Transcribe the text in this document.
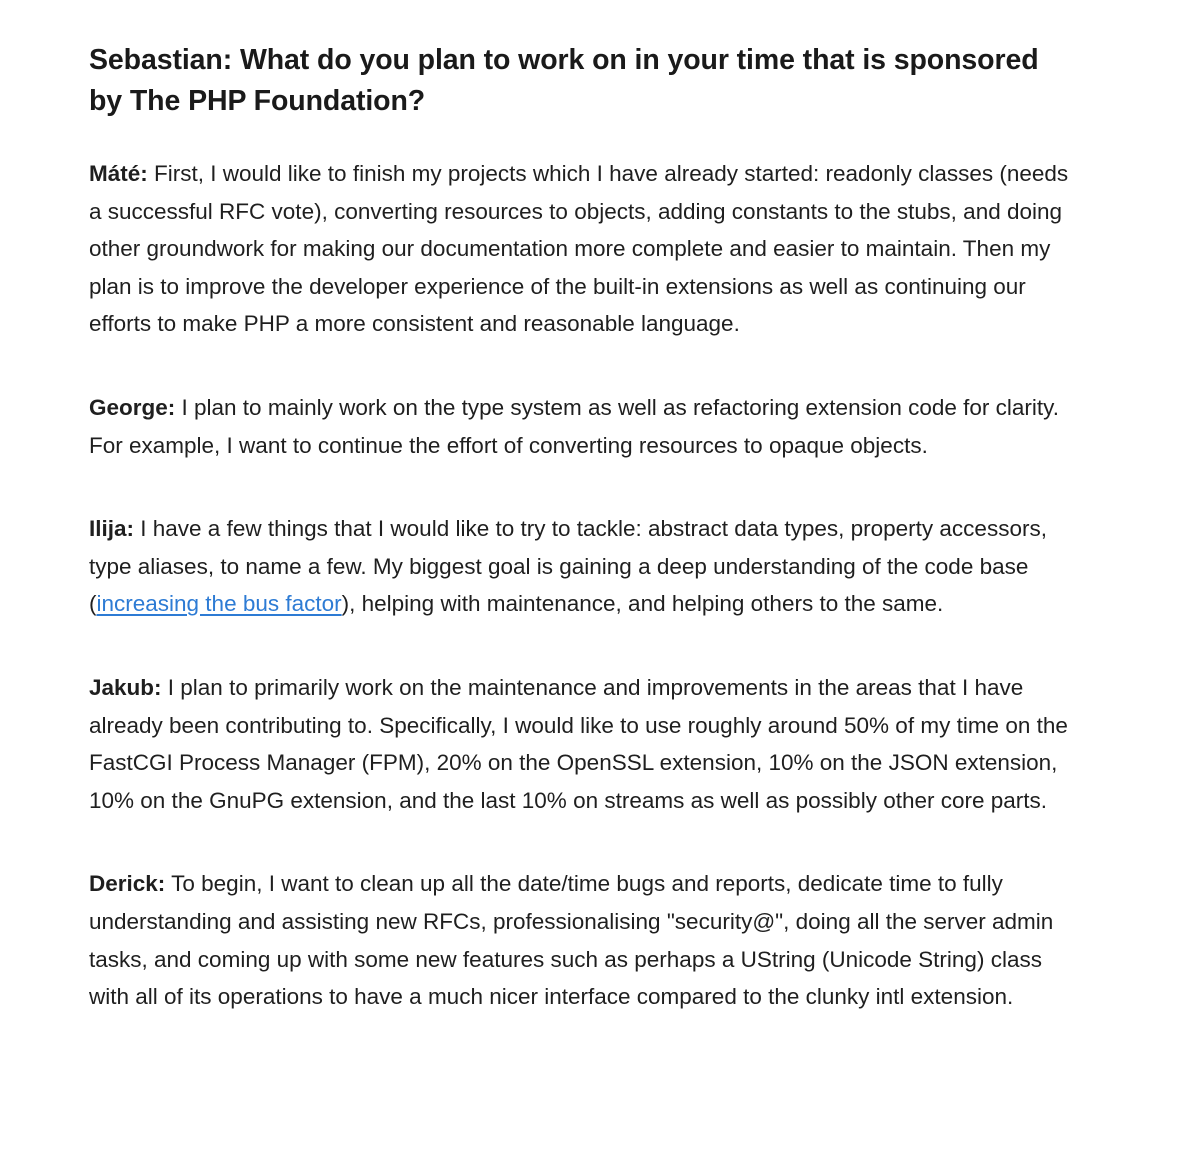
Sebastian: What do you plan to work on in your time that is sponsored by The PHP Foundation?

Máté: First, I would like to finish my projects which I have already started: readonly classes (needs a successful RFC vote), converting resources to objects, adding constants to the stubs, and doing other groundwork for making our documentation more complete and easier to maintain. Then my plan is to improve the developer experience of the built-in extensions as well as continuing our efforts to make PHP a more consistent and reasonable language.

George: I plan to mainly work on the type system as well as refactoring extension code for clarity. For example, I want to continue the effort of converting resources to opaque objects.

Ilija: I have a few things that I would like to try to tackle: abstract data types, property accessors, type aliases, to name a few. My biggest goal is gaining a deep understanding of the code base (increasing the bus factor), helping with maintenance, and helping others to the same.

Jakub: I plan to primarily work on the maintenance and improvements in the areas that I have already been contributing to. Specifically, I would like to use roughly around 50% of my time on the FastCGI Process Manager (FPM), 20% on the OpenSSL extension, 10% on the JSON extension, 10% on the GnuPG extension, and the last 10% on streams as well as possibly other core parts.

Derick: To begin, I want to clean up all the date/time bugs and reports, dedicate time to fully understanding and assisting new RFCs, professionalising "security@", doing all the server admin tasks, and coming up with some new features such as perhaps a UString (Unicode String) class with all of its operations to have a much nicer interface compared to the clunky intl extension.
